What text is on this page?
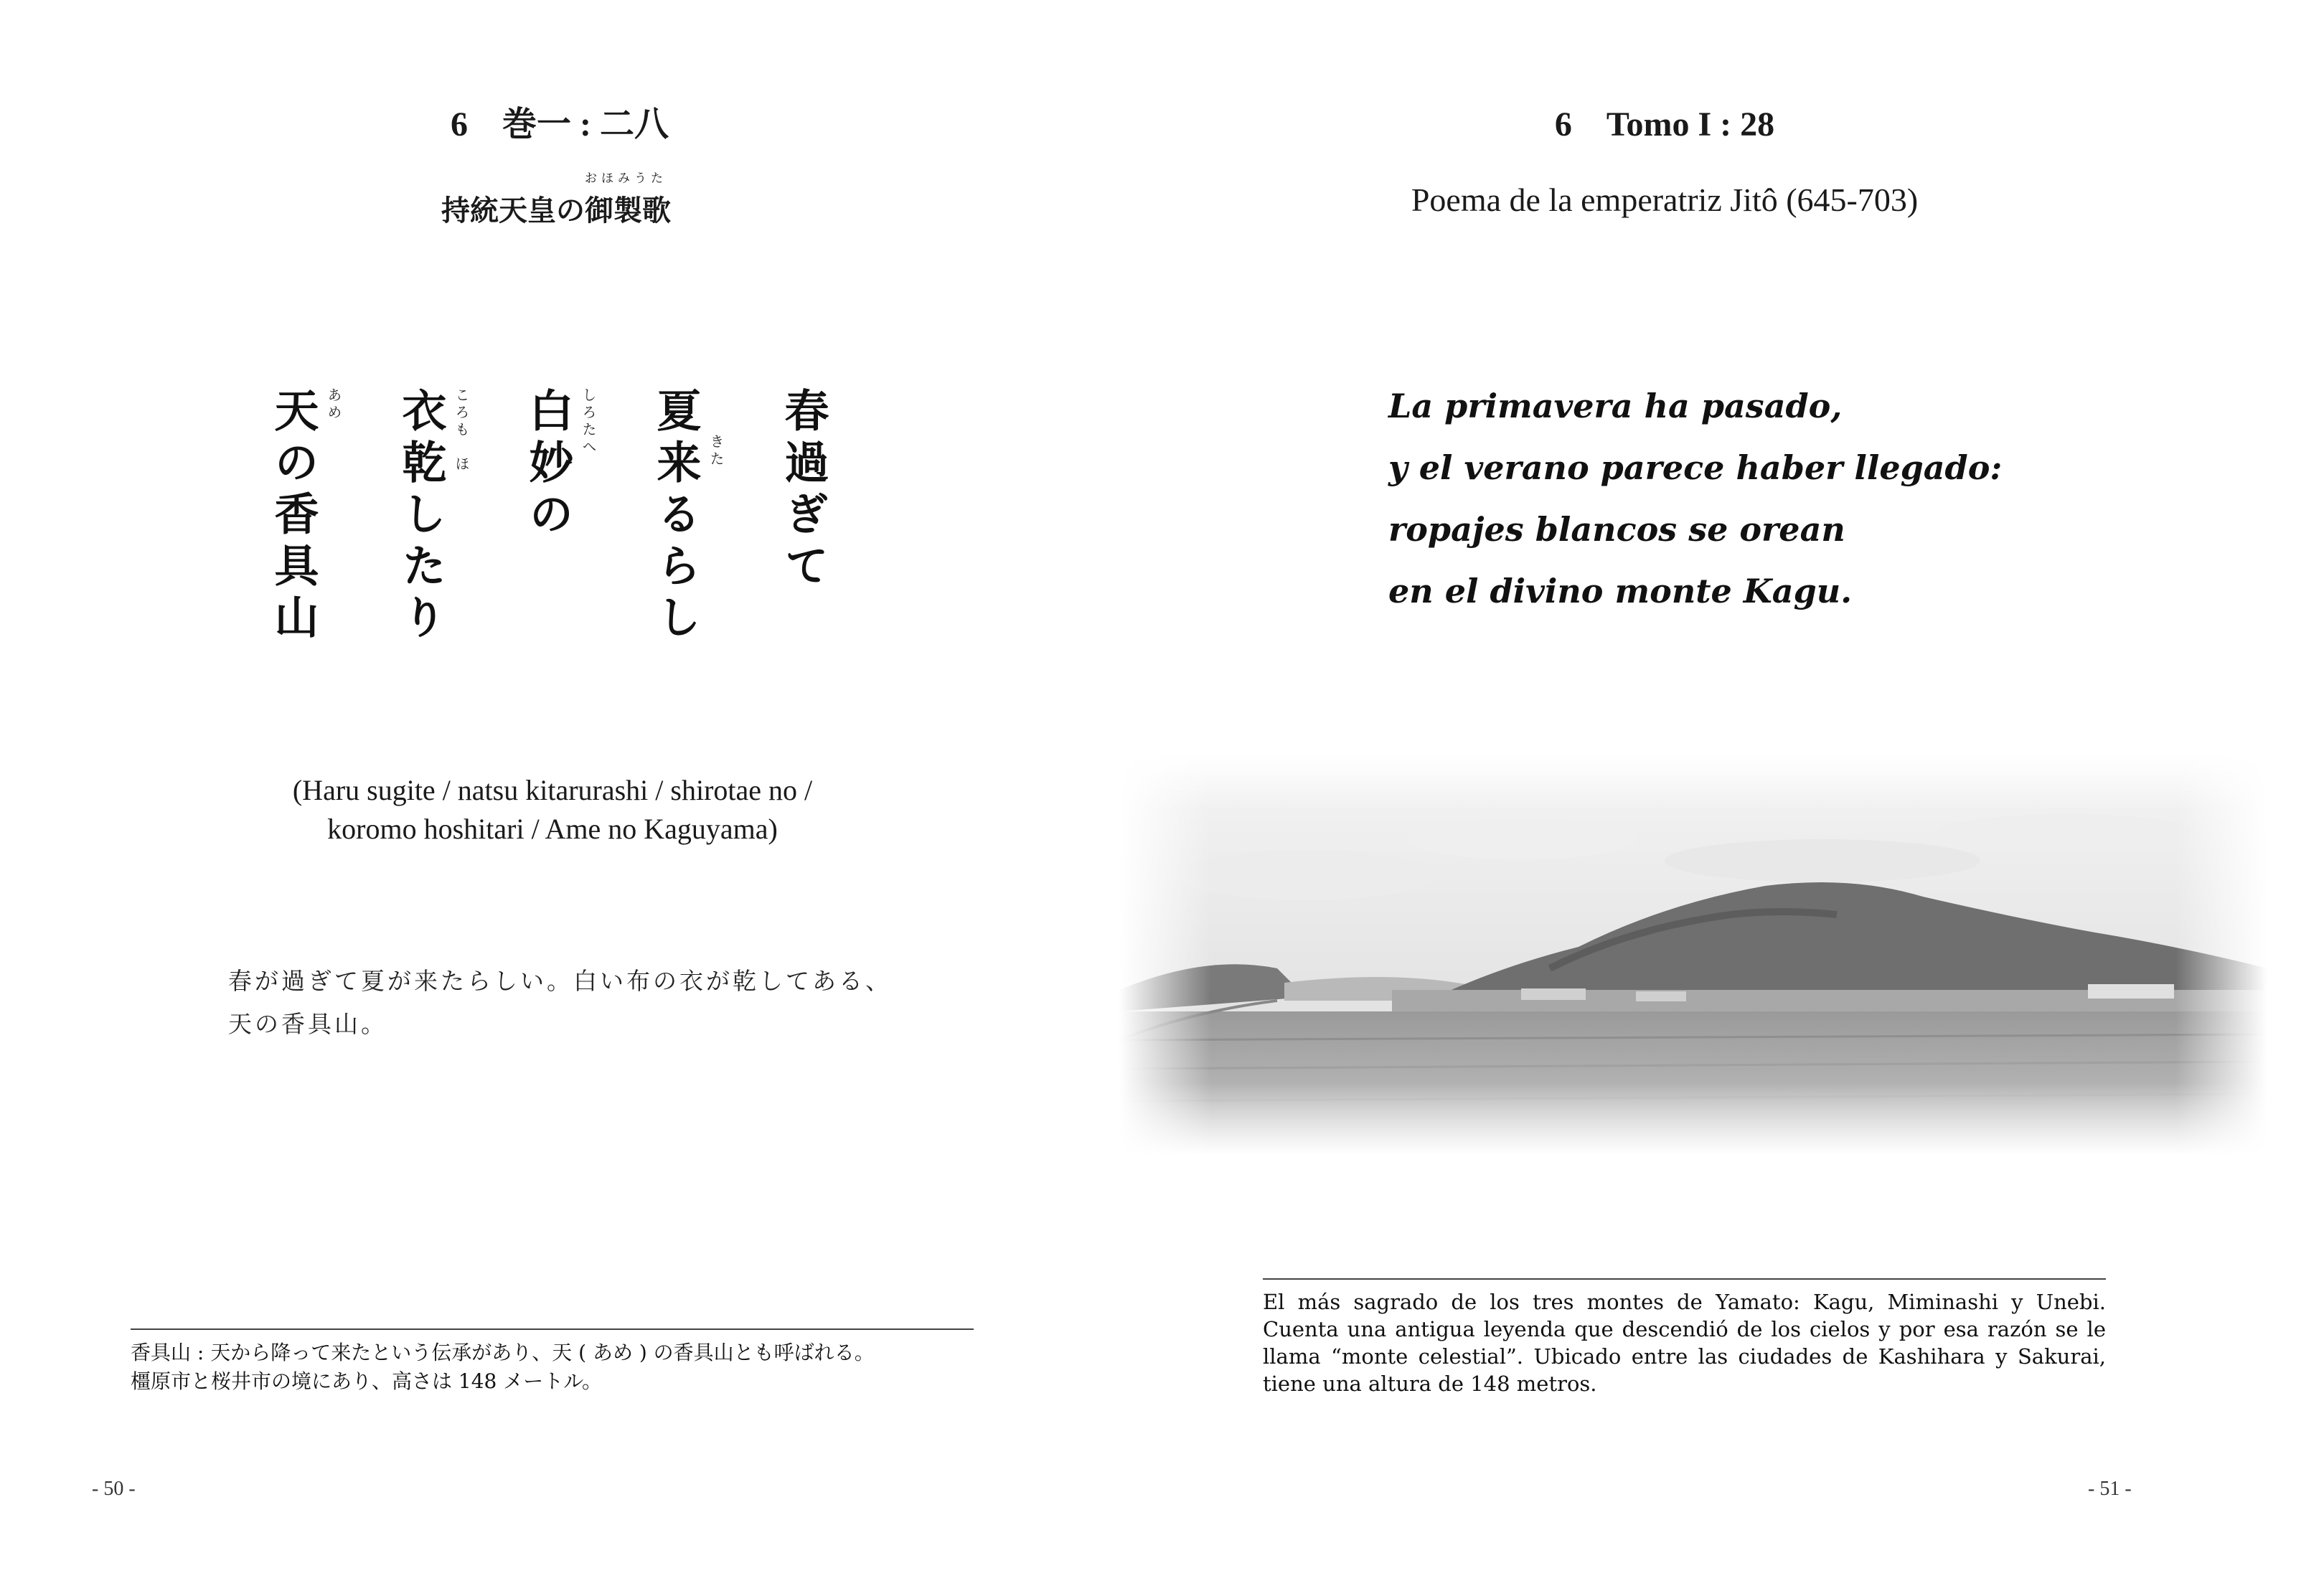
6　巻一 : 二八
持統天皇の
おほみうた
御製歌
春過ぎて
夏来るらし きた
白妙の しろたへ
衣乾したり ころも　ほ
天の香具山 あめ
(Haru sugite / natsu kitarurashi / shirotae no /
koromo hoshitari / Ame no Kaguyama)
春が過ぎて夏が来たらしい。白い布の衣が乾してある、
天の香具山。
香具山 : 天から降って来たという伝承があり、天 ( あめ ) の香具山とも呼ばれる。
橿原市と桜井市の境にあり、高さは 148 メートル。
- 50 -
6　Tomo I : 28
Poema de la emperatriz Jitô (645-703)
La primavera ha pasado,
y el verano parece haber llegado:
ropajes blancos se orean
en el divino monte Kagu.
El más sagrado de los tres montes de Yamato: Kagu, Miminashi y Unebi. Cuenta una antigua leyenda que descendió de los cielos y por esa razón se le llama “monte celestial”. Ubicado entre las ciudades de Kashihara y Sakurai, tiene una altura de 148 metros.
- 51 -
